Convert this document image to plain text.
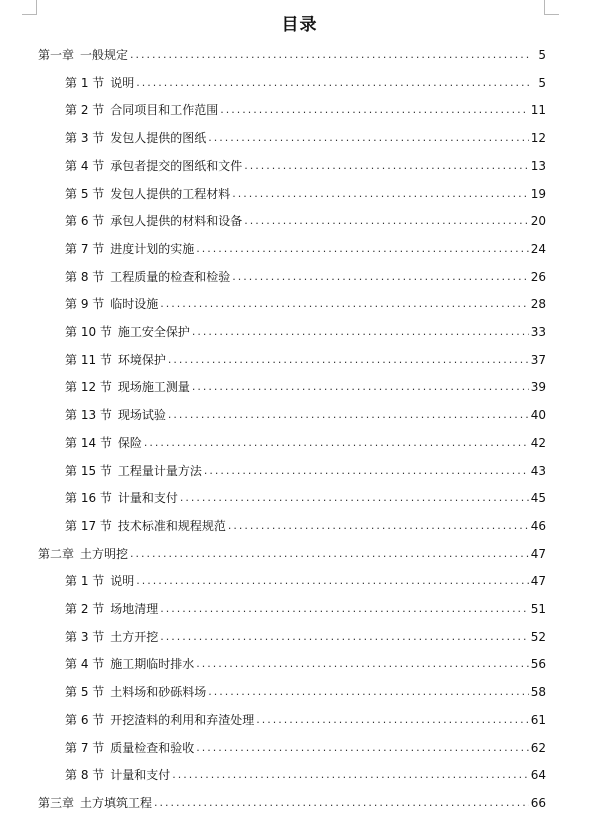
目录
第一章 一般规定 .....	5
第 1 节 说明 .....	5
第 2 节 合同项目和工作范围 .....	11
第 3 节 发包人提供的图纸 .....	12
第 4 节 承包者提交的图纸和文件 .....	13
第 5 节 发包人提供的工程材料 .....	19
第 6 节 承包人提供的材料和设备 .....	20
第 7 节 进度计划的实施 .....	24
第 8 节 工程质量的检查和检验 .....	26
第 9 节 临时设施 .....	28
第 10 节 施工安全保护 .....	33
第 11 节 环境保护 .....	37
第 12 节 现场施工测量 .....	39
第 13 节 现场试验 .....	40
第 14 节 保险 .....	42
第 15 节 工程量计量方法 .....	43
第 16 节 计量和支付 .....	45
第 17 节 技术标准和规程规范 .....	46
第二章 土方明挖 .....	47
第 1 节 说明 .....	47
第 2 节 场地清理 .....	51
第 3 节 土方开挖 .....	52
第 4 节 施工期临时排水 .....	56
第 5 节 土料场和砂砾料场 .....	58
第 6 节 开挖渣料的利用和弃渣处理 .....	61
第 7 节 质量检查和验收 .....	62
第 8 节 计量和支付 .....	64
第三章 土方填筑工程 .....	66
